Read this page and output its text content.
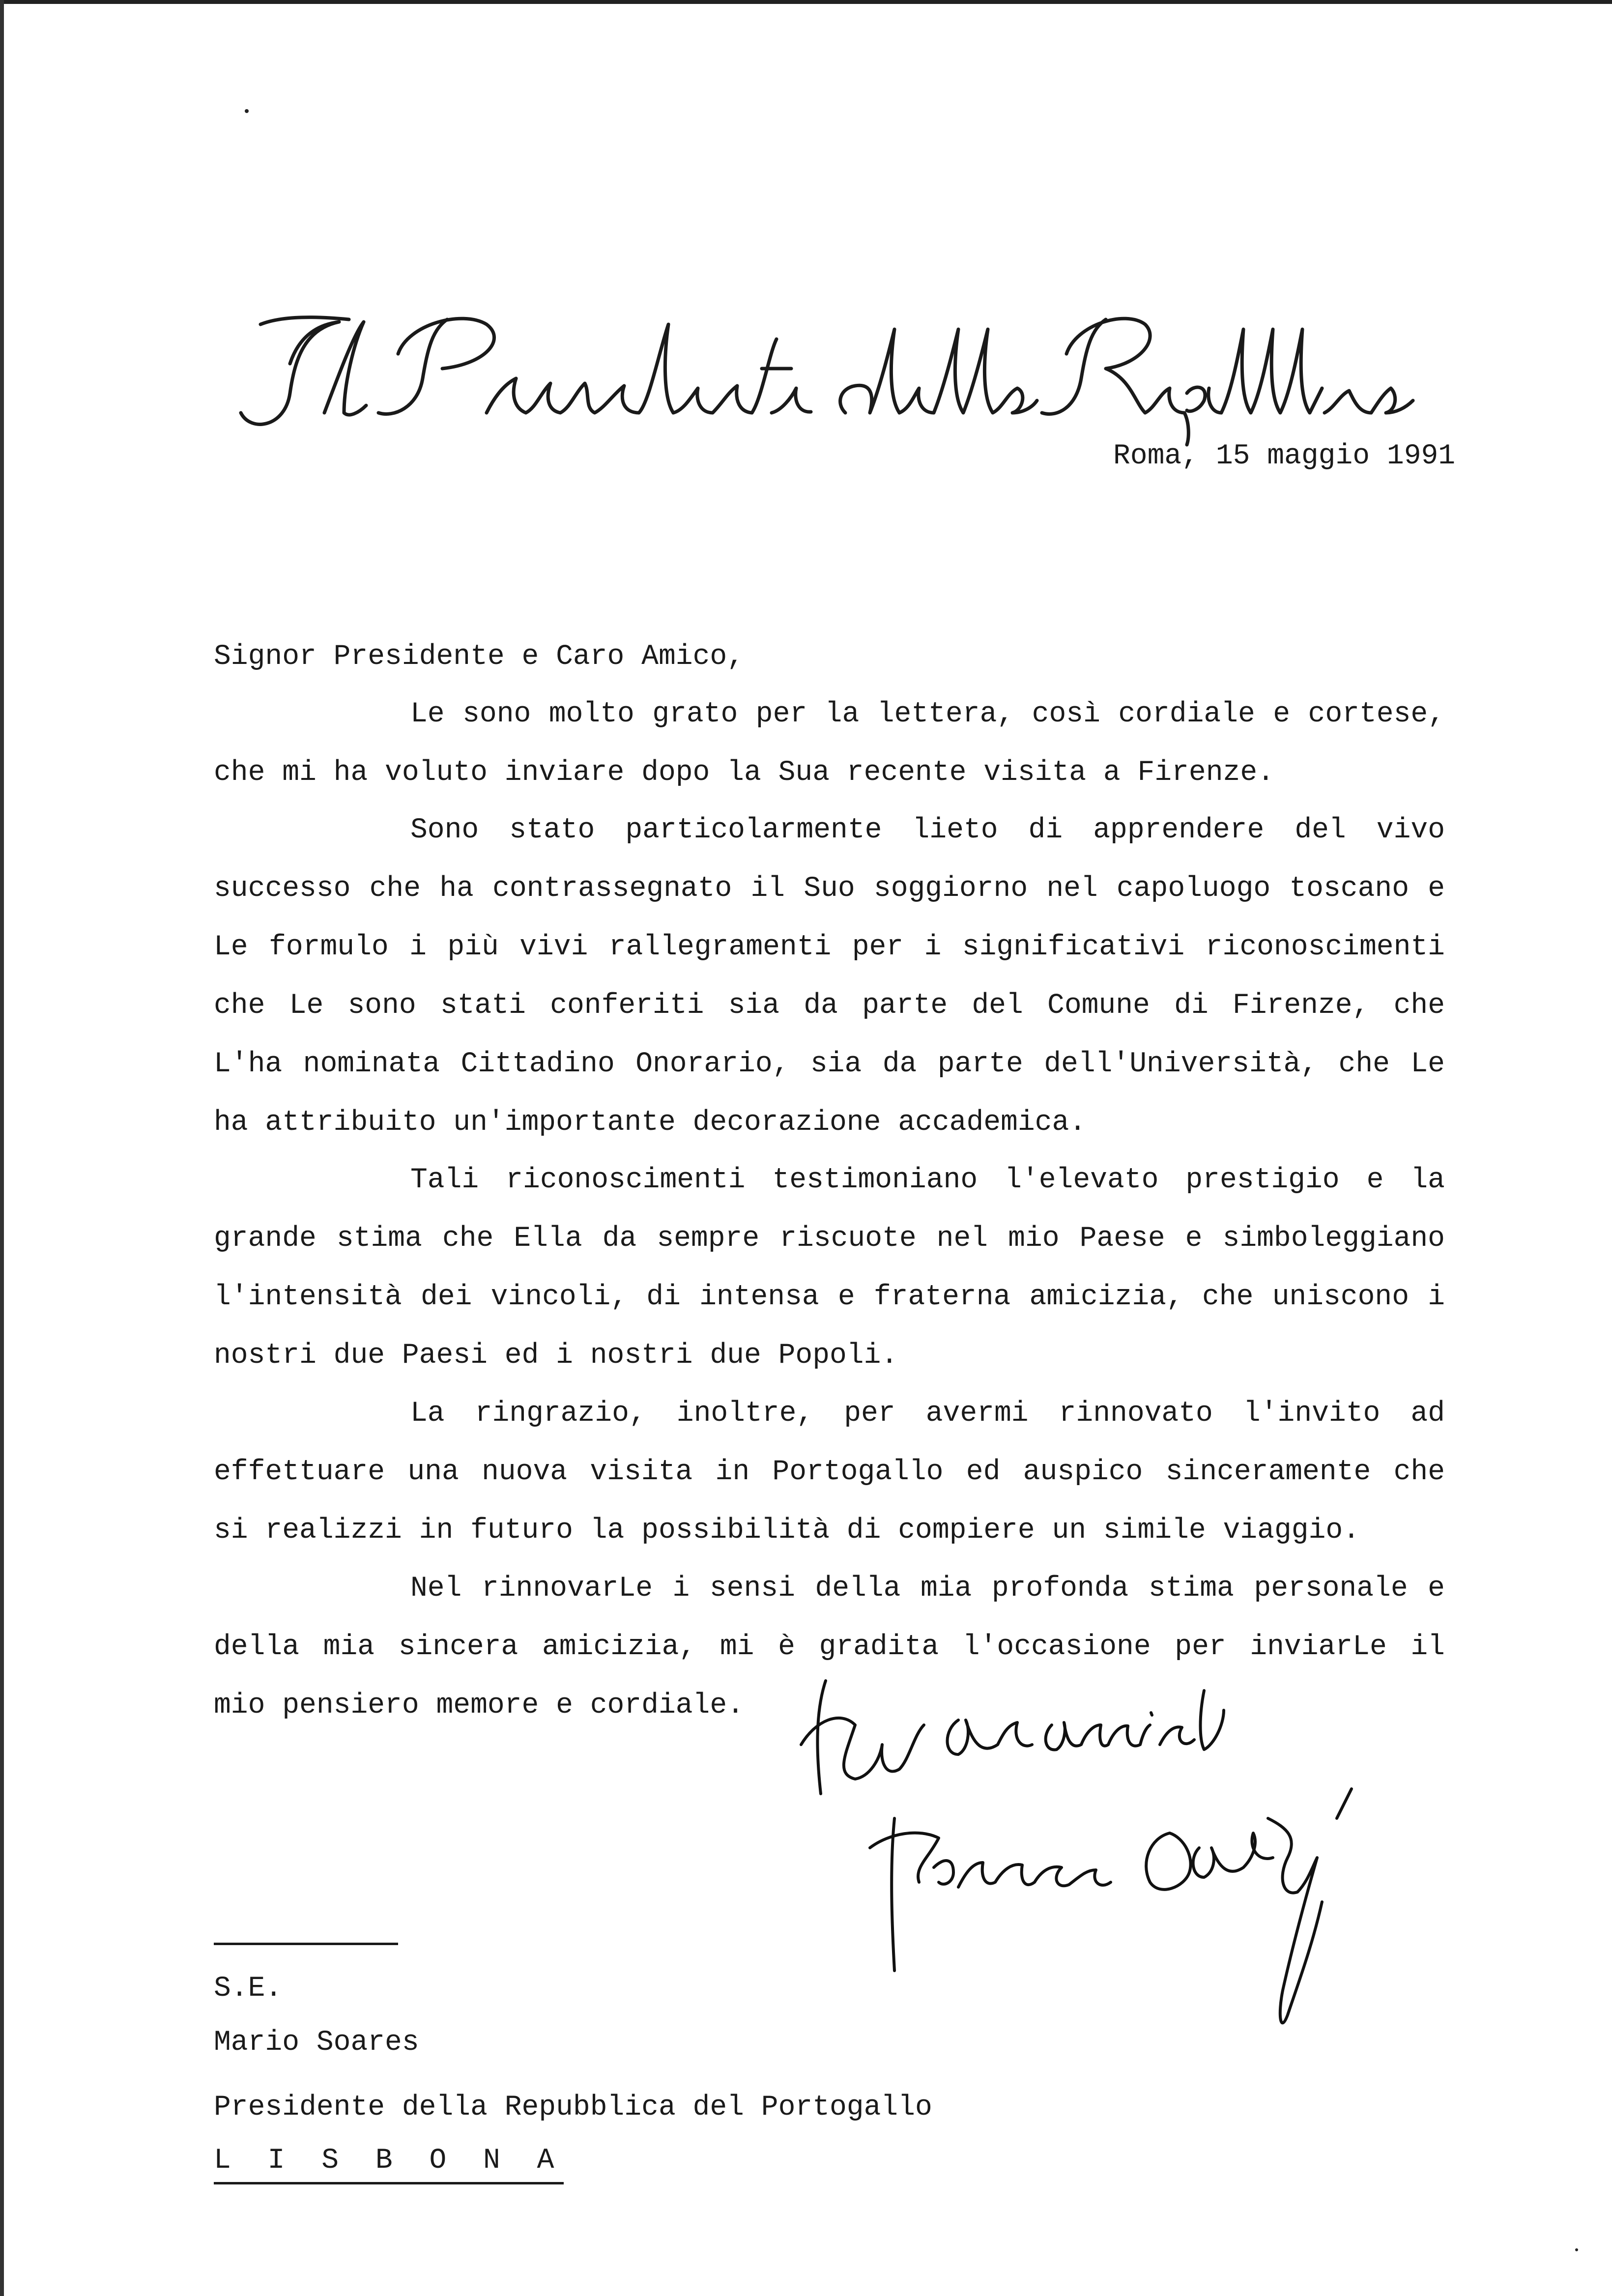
Roma, 15 maggio 1991
Signor Presidente e Caro Amico,
Le sono molto grato per la lettera, così cordiale e cortese, che mi ha voluto inviare dopo la Sua recente visita a Firenze.
Sono stato particolarmente lieto di apprendere del vivo successo che ha contrassegnato il Suo soggiorno nel capoluogo toscano e Le formulo i più vivi rallegramenti per i significativi riconoscimenti che Le sono stati conferiti sia da parte del Comune di Firenze, che L'ha nominata Cittadino Onorario, sia da parte dell'Università, che Le ha attribuito un'importante decorazione accademica.
Tali riconoscimenti testimoniano l'elevato prestigio e la grande stima che Ella da sempre riscuote nel mio Paese e simboleggiano l'intensità dei vincoli, di intensa e fraterna amicizia, che uniscono i nostri due Paesi ed i nostri due Popoli.
La ringrazio, inoltre, per avermi rinnovato l'invito ad effettuare una nuova visita in Portogallo ed auspico sinceramente che si realizzi in futuro la possibilità di compiere un simile viaggio.
Nel rinnovarLe i sensi della mia profonda stima personale e della mia sincera amicizia, mi è gradita l'occasione per inviarLe il mio pensiero memore e cordiale.
S.E.
Mario Soares
Presidente della Repubblica del Portogallo
L I S B O N A
